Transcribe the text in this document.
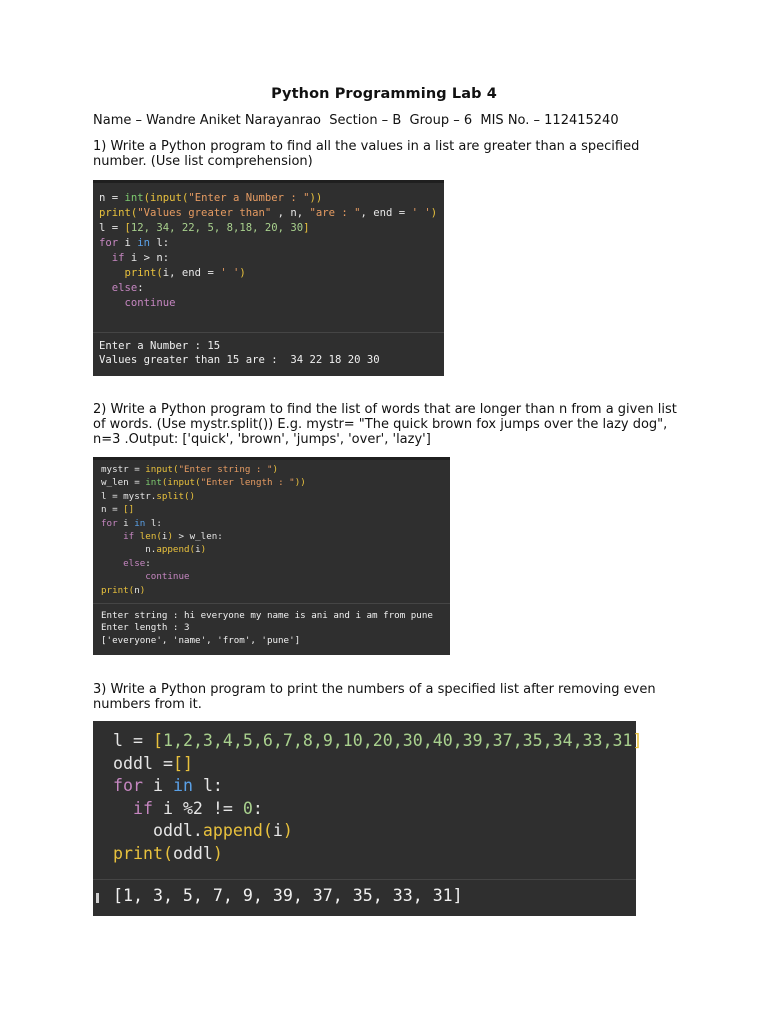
Python Programming Lab 4
Name – Wandre Aniket Narayanrao  Section – B  Group – 6  MIS No. – 112415240
1) Write a Python program to find all the values in a list are greater than a specified number. (Use list comprehension)
n = int(input("Enter a Number : "))
print("Values greater than" , n, "are : ", end = ' ')
l = [12, 34, 22, 5, 8,18, 20, 30]
for i in l:
if i > n:
print(i, end = ' ')
else:
continue
Enter a Number : 15
Values greater than 15 are :  34 22 18 20 30
2) Write a Python program to find the list of words that are longer than n from a given list of words. (Use mystr.split()) E.g. mystr= "The quick brown fox jumps over the lazy dog", n=3 .Output: ['quick', 'brown', 'jumps', 'over', 'lazy']
mystr = input("Enter string : ")
w_len = int(input("Enter length : "))
l = mystr.split()
n = []
for i in l:
if len(i) > w_len:
n.append(i)
else:
continue
print(n)
Enter string : hi everyone my name is ani and i am from pune
Enter length : 3
['everyone', 'name', 'from', 'pune']
3) Write a Python program to print the numbers of a specified list after removing even numbers from it.
l = [1,2,3,4,5,6,7,8,9,10,20,30,40,39,37,35,34,33,31]
oddl =[]
for i in l:
if i %2 != 0:
oddl.append(i)
print(oddl)
[1, 3, 5, 7, 9, 39, 37, 35, 33, 31]
